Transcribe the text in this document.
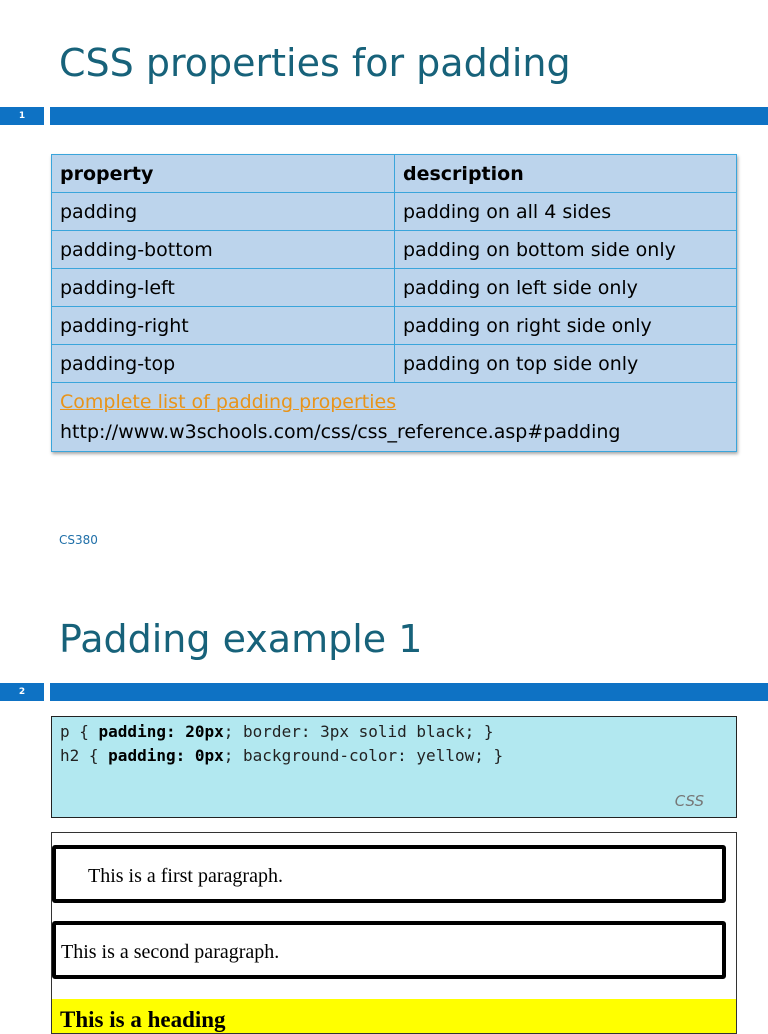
CSS properties for padding
1
property	description
padding	padding on all 4 sides
padding-bottom	padding on bottom side only
padding-left	padding on left side only
padding-right	padding on right side only
padding-top	padding on top side only

Complete list of padding properties
http://www.w3schools.com/css/css_reference.asp#padding	
CS380
Padding example 1
2
p { padding: 20px; border: 3px solid black; }
h2 { padding: 0px; background-color: yellow; }
CSS
This is a first paragraph.
This is a second paragraph.
This is a heading
